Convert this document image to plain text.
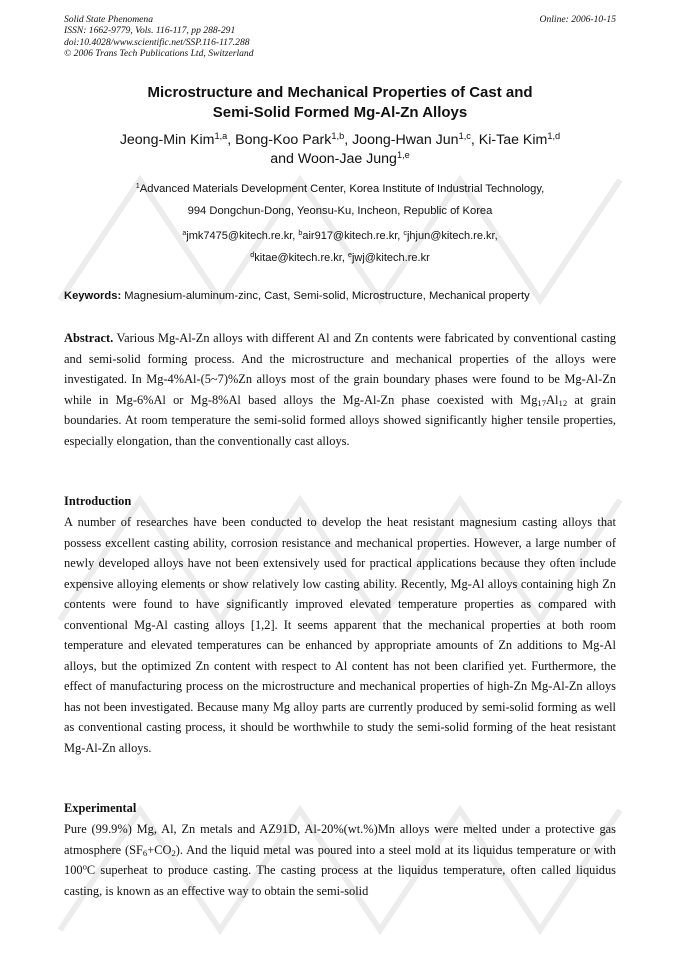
Solid State Phenomena
ISSN: 1662-9779, Vols. 116-117, pp 288-291
doi:10.4028/www.scientific.net/SSP.116-117.288
© 2006 Trans Tech Publications Ltd, Switzerland
Online: 2006-10-15
Microstructure and Mechanical Properties of Cast and
Semi-Solid Formed Mg-Al-Zn Alloys
Jeong-Min Kim$^{1,a}$, Bong-Koo Park$^{1,b}$, Joong-Hwan Jun$^{1,c}$, Ki-Tae Kim$^{1,d}$
and Woon-Jae Jung$^{1,e}$
$^1$Advanced Materials Development Center, Korea Institute of Industrial Technology,
994 Dongchun-Dong, Yeonsu-Ku, Incheon, Republic of Korea
$^a$jmk7475@kitech.re.kr, $^b$air917@kitech.re.kr, $^c$jhjun@kitech.re.kr,
$^d$kitae@kitech.re.kr, $^e$jwj@kitech.re.kr
Keywords: Magnesium-aluminum-zinc, Cast, Semi-solid, Microstructure, Mechanical property
Abstract. Various Mg-Al-Zn alloys with different Al and Zn contents were fabricated by conventional casting and semi-solid forming process. And the microstructure and mechanical properties of the alloys were investigated. In Mg-4%Al-(5~7)%Zn alloys most of the grain boundary phases were found to be Mg-Al-Zn while in Mg-6%Al or Mg-8%Al based alloys the Mg-Al-Zn phase coexisted with $Mg_{17}Al_{12}$ at grain boundaries. At room temperature the semi-solid formed alloys showed significantly higher tensile properties, especially elongation, than the conventionally cast alloys.
Introduction
A number of researches have been conducted to develop the heat resistant magnesium casting alloys that possess excellent casting ability, corrosion resistance and mechanical properties. However, a large number of newly developed alloys have not been extensively used for practical applications because they often include expensive alloying elements or show relatively low casting ability. Recently, Mg-Al alloys containing high Zn contents were found to have significantly improved elevated temperature properties as compared with conventional Mg-Al casting alloys [1,2]. It seems apparent that the mechanical properties at both room temperature and elevated temperatures can be enhanced by appropriate amounts of Zn additions to Mg-Al alloys, but the optimized Zn content with respect to Al content has not been clarified yet. Furthermore, the effect of manufacturing process on the microstructure and mechanical properties of high-Zn Mg-Al-Zn alloys has not been investigated. Because many Mg alloy parts are currently produced by semi-solid forming as well as conventional casting process, it should be worthwhile to study the semi-solid forming of the heat resistant Mg-Al-Zn alloys.
Experimental
Pure (99.9%) Mg, Al, Zn metals and AZ91D, Al-20%(wt.%)Mn alloys were melted under a protective gas atmosphere $(SF_6+CO_2)$. And the liquid metal was poured into a steel mold at its liquidus temperature or with 100$^o$C superheat to produce casting. The casting process at the liquidus temperature, often called liquidus casting, is known as an effective way to obtain the semi-solid
